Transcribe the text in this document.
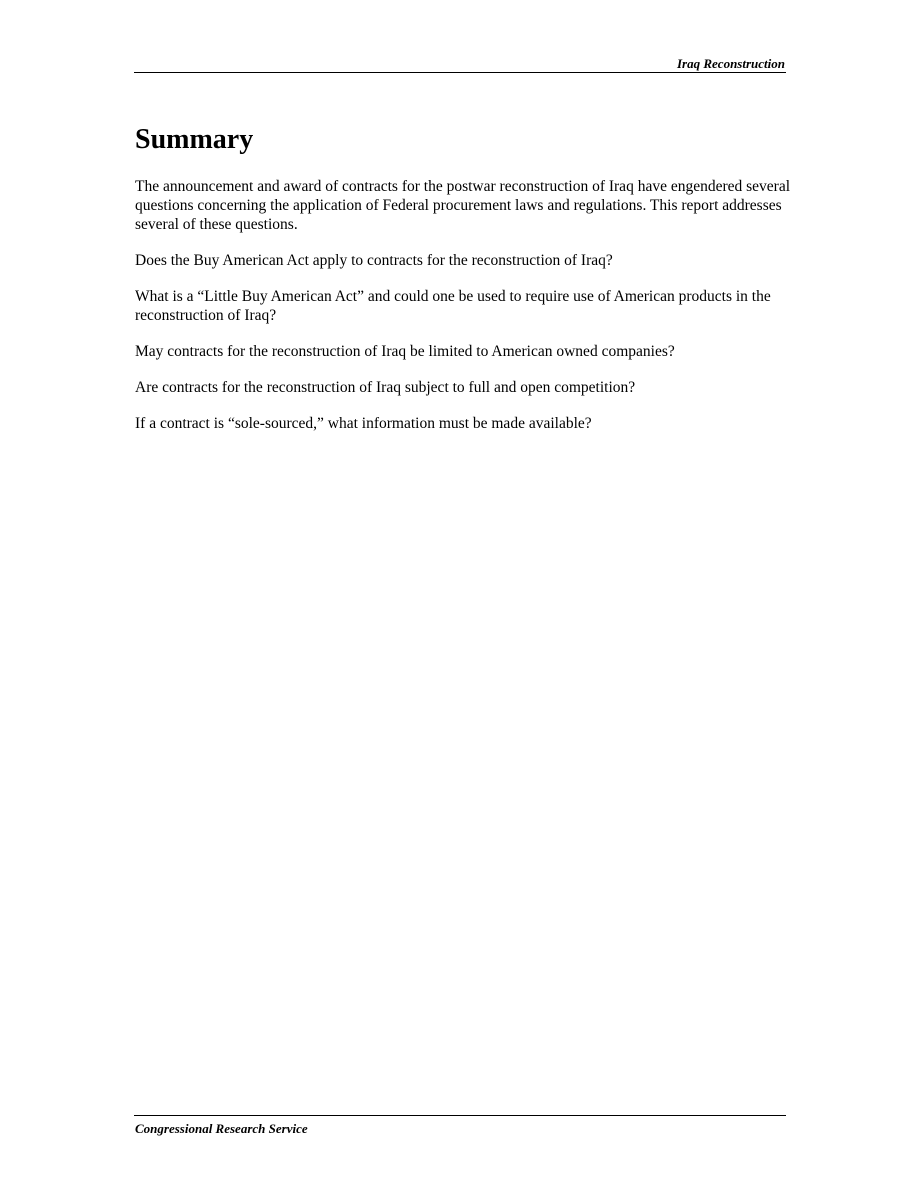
Iraq Reconstruction
Summary

The announcement and award of contracts for the postwar reconstruction of Iraq have engendered several questions concerning the application of Federal procurement laws and regulations. This report addresses several of these questions.

Does the Buy American Act apply to contracts for the reconstruction of Iraq?

What is a “Little Buy American Act” and could one be used to require use of American products in the reconstruction of Iraq?

May contracts for the reconstruction of Iraq be limited to American owned companies?

Are contracts for the reconstruction of Iraq subject to full and open competition?

If a contract is “sole-sourced,” what information must be made available?

Congressional Research Service
